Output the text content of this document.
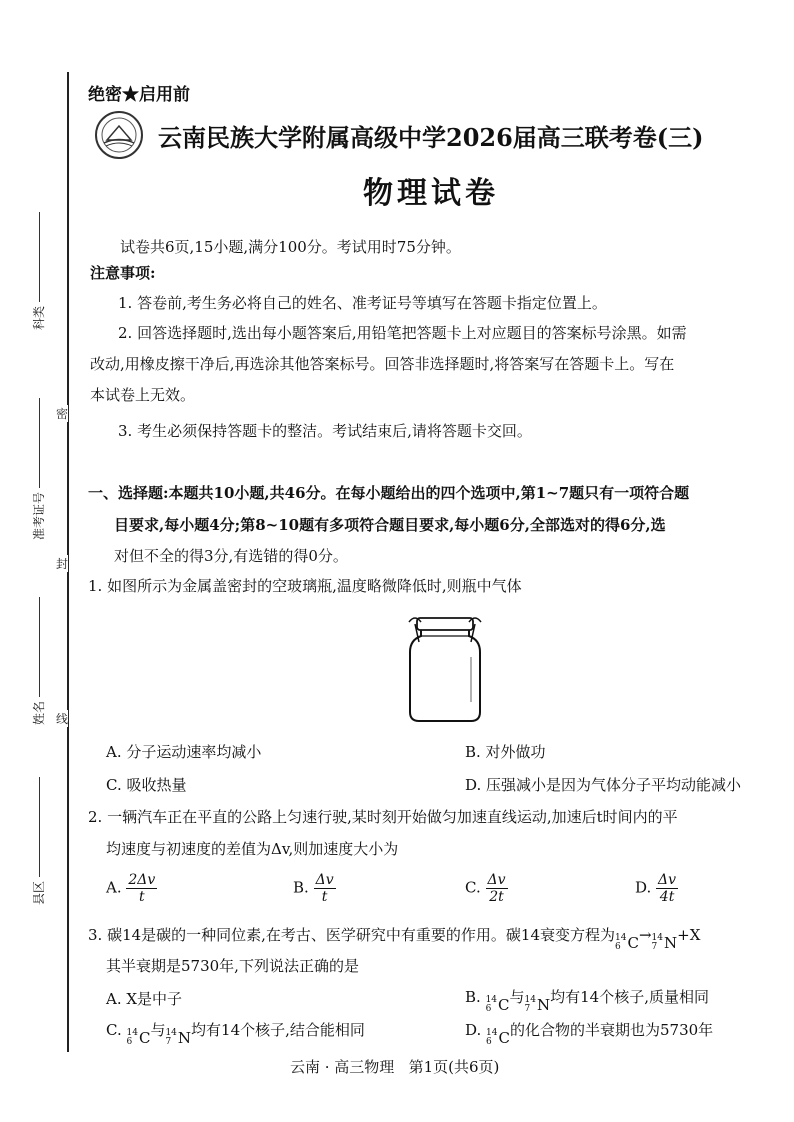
科类
准考证号
姓名
县区
密
封
线
绝密★启用前
云南民族大学附属高级中学2026届高三联考卷(三)
物理试卷
试卷共6页,15小题,满分100分。考试用时75分钟。
注意事项:
1. 答卷前,考生务必将自己的姓名、准考证号等填写在答题卡指定位置上。
2. 回答选择题时,选出每小题答案后,用铅笔把答题卡上对应题目的答案标号涂黑。如需
改动,用橡皮擦干净后,再选涂其他答案标号。回答非选择题时,将答案写在答题卡上。写在
本试卷上无效。
3. 考生必须保持答题卡的整洁。考试结束后,请将答题卡交回。
一、选择题:本题共10小题,共46分。在每小题给出的四个选项中,第1~7题只有一项符合题
目要求,每小题4分;第8~10题有多项符合题目要求,每小题6分,全部选对的得6分,选
对但不全的得3分,有选错的得0分。
1. 如图所示为金属盖密封的空玻璃瓶,温度略微降低时,则瓶中气体
A. 分子运动速率均减小	B. 对外做功
C. 吸收热量	D. 压强减小是因为气体分子平均动能减小
2. 一辆汽车正在平直的公路上匀速行驶,某时刻开始做匀加速直线运动,加速后t时间内的平
均速度与初速度的差值为Δv,则加速度大小为
A. $\frac{2\Delta v}{t}$	B. $\frac{\Delta v}{t}$	C. $\frac{\Delta v}{2t}$	D. $\frac{\Delta v}{4t}$
3. 碳14是碳的一种同位素,在考古、医学研究中有重要的作用。碳14衰变方程为 14
6 C → 14
7 N +X
其半衰期是5730年,下列说法正确的是
A. X是中子	B. 14
6 C 与 14
7 N 均有14个核子,质量相同
C. 14
6 C 与 14
7 N 均有14个核子,结合能相同	D. 14
6 C 的化合物的半衰期也为5730年
云南 · 高三物理   第1页(共6页)
